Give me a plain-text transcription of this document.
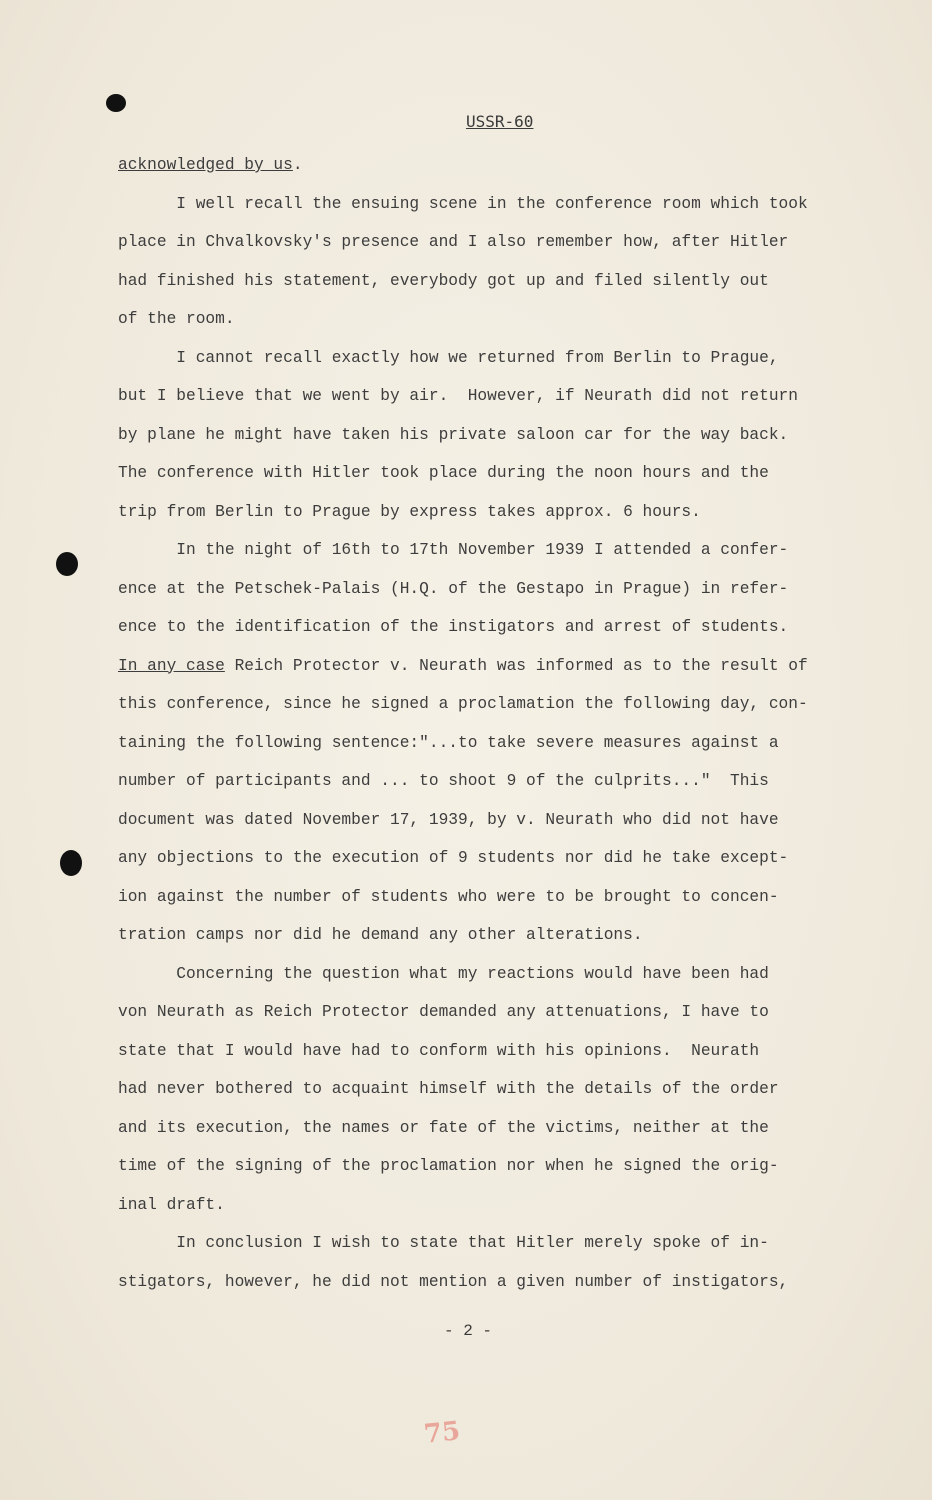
USSR-60
acknowledged by us.
I well recall the ensuing scene in the conference room which took
place in Chvalkovsky's presence and I also remember how, after Hitler
had finished his statement, everybody got up and filed silently out
of the room.
I cannot recall exactly how we returned from Berlin to Prague,
but I believe that we went by air.  However, if Neurath did not return
by plane he might have taken his private saloon car for the way back.
The conference with Hitler took place during the noon hours and the
trip from Berlin to Prague by express takes approx. 6 hours.
In the night of 16th to 17th November 1939 I attended a confer-
ence at the Petschek-Palais (H.Q. of the Gestapo in Prague) in refer-
ence to the identification of the instigators and arrest of students.
In any case Reich Protector v. Neurath was informed as to the result of
this conference, since he signed a proclamation the following day, con-
taining the following sentence:"...to take severe measures against a
number of participants and ... to shoot 9 of the culprits..."  This
document was dated November 17, 1939, by v. Neurath who did not have
any objections to the execution of 9 students nor did he take except-
ion against the number of students who were to be brought to concen-
tration camps nor did he demand any other alterations.
Concerning the question what my reactions would have been had
von Neurath as Reich Protector demanded any attenuations, I have to
state that I would have had to conform with his opinions.  Neurath
had never bothered to acquaint himself with the details of the order
and its execution, the names or fate of the victims, neither at the
time of the signing of the proclamation nor when he signed the orig-
inal draft.
In conclusion I wish to state that Hitler merely spoke of in-
stigators, however, he did not mention a given number of instigators,
- 2 -
75
